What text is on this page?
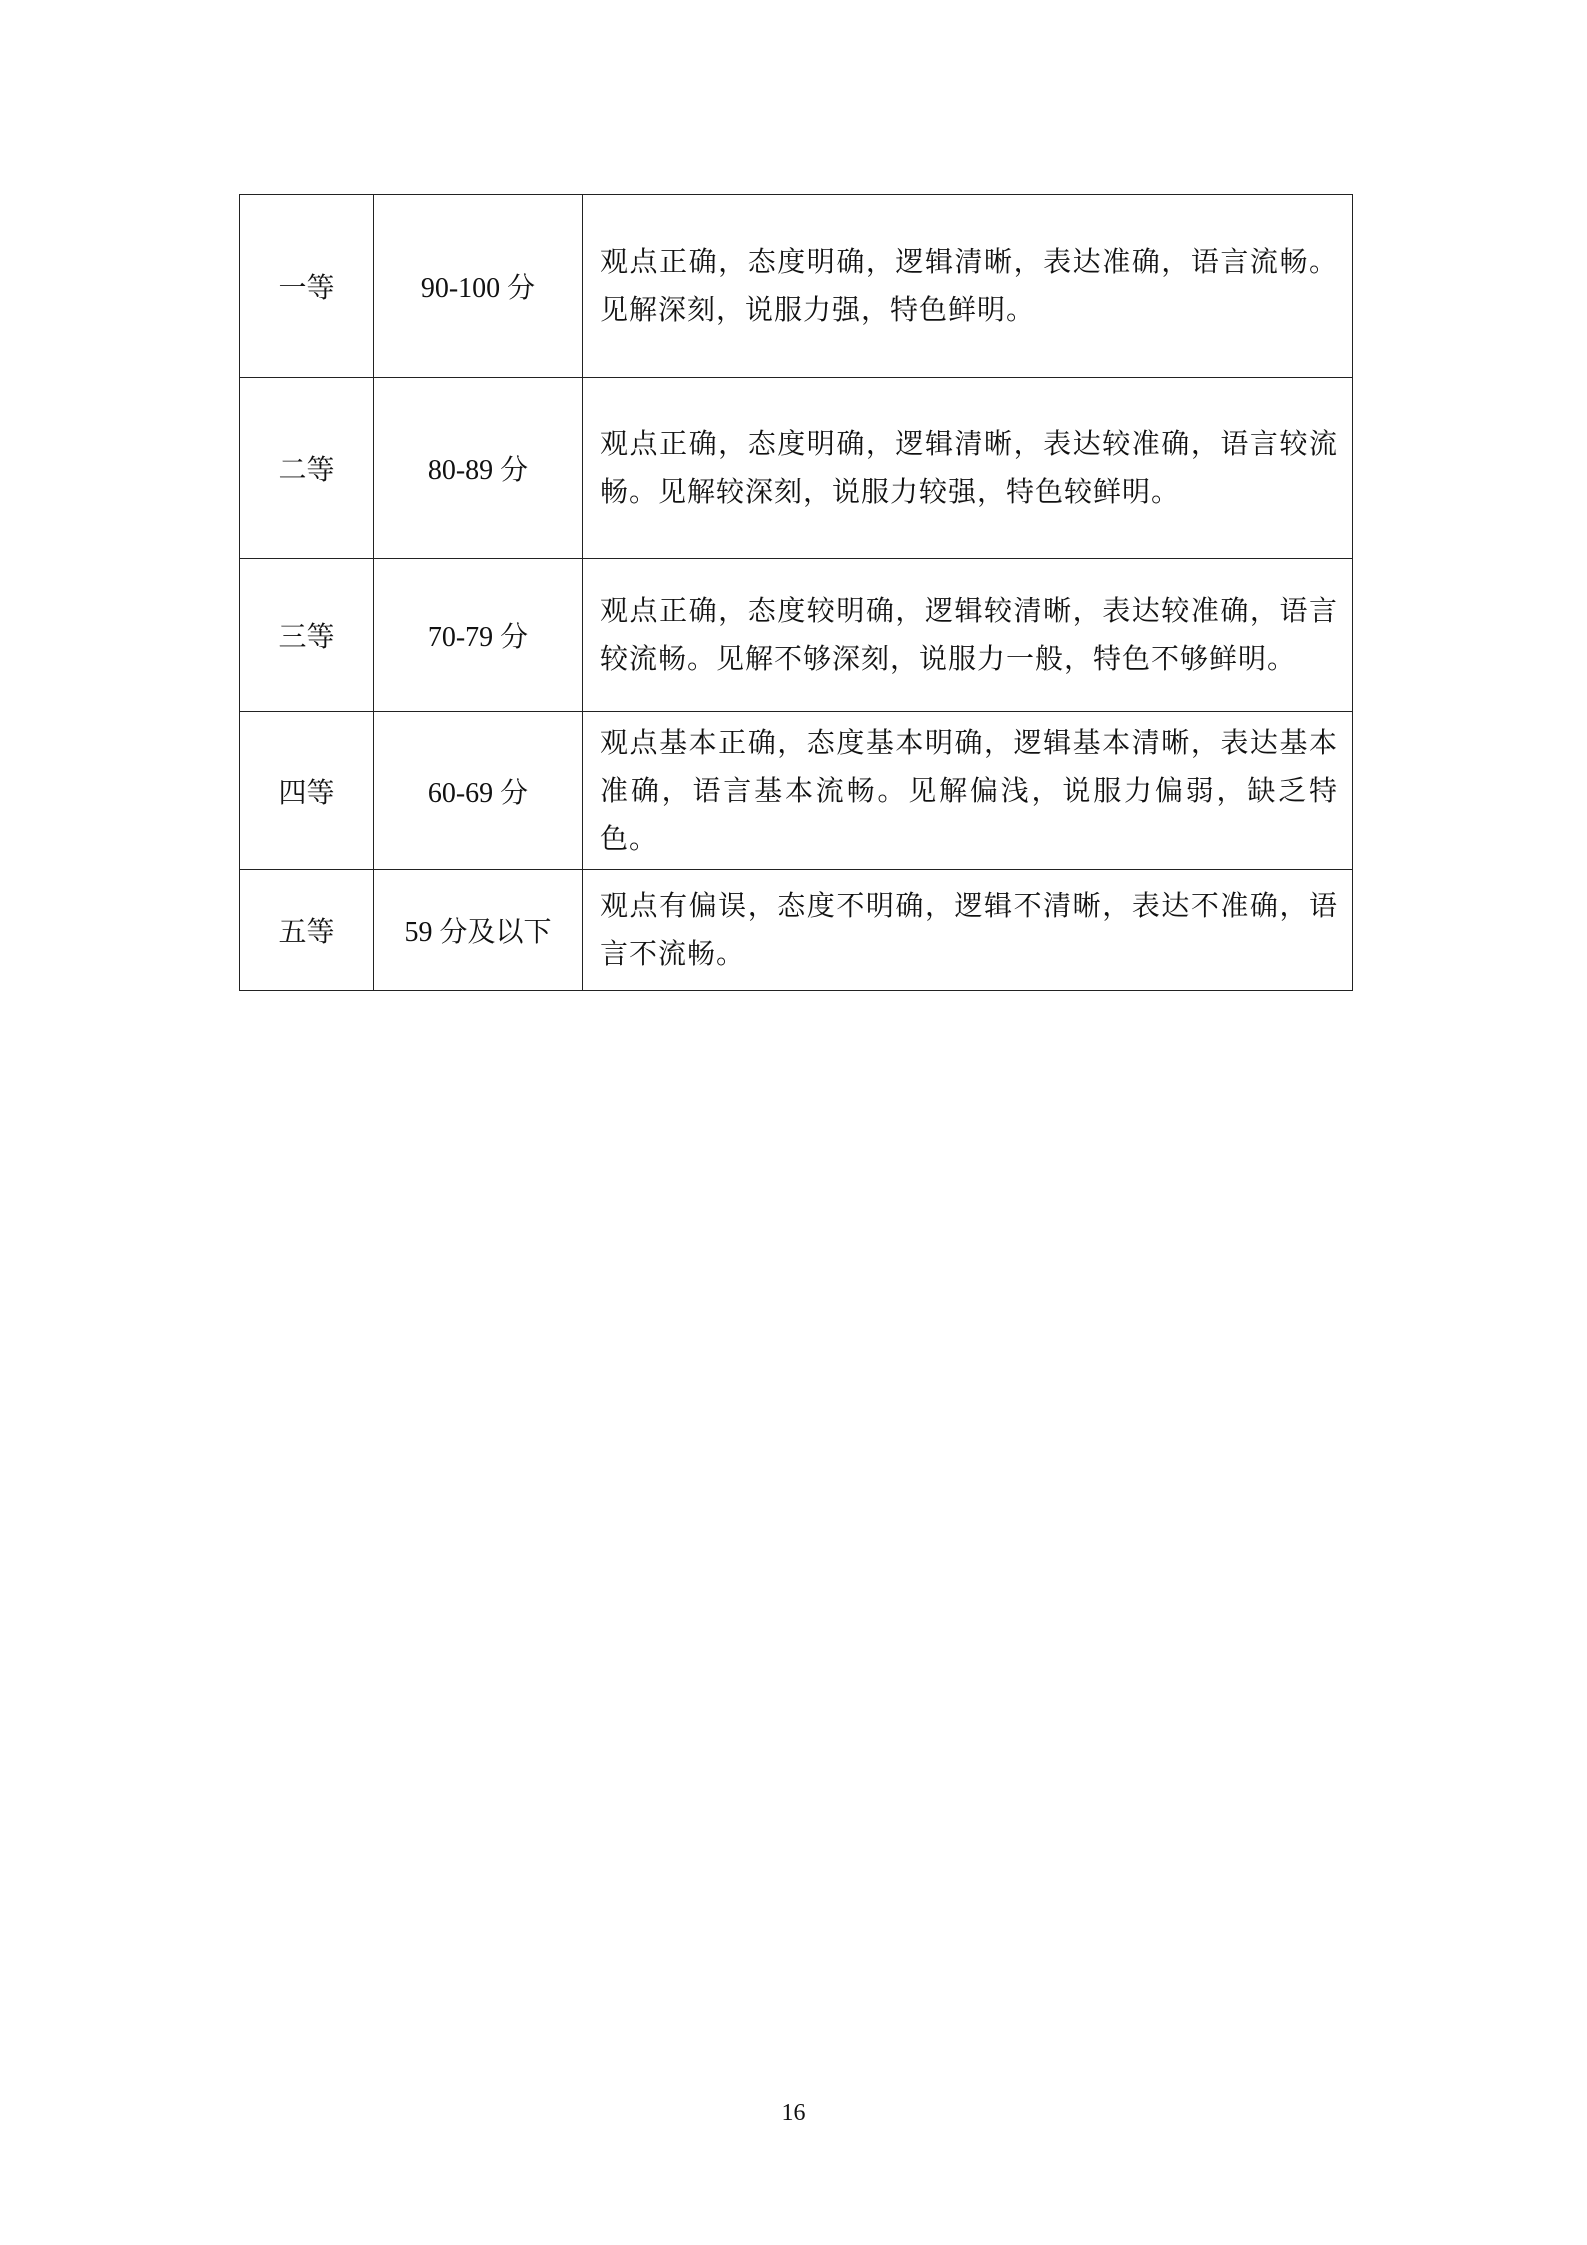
一等	90-100 分	观点正确，态度明确，逻辑清晰，表达准确，语言流畅。见解深刻，说服力强，特色鲜明。
二等	80-89 分	观点正确，态度明确，逻辑清晰，表达较准确，语言较流畅。见解较深刻，说服力较强，特色较鲜明。
三等	70-79 分	观点正确，态度较明确，逻辑较清晰，表达较准确，语言较流畅。见解不够深刻，说服力一般，特色不够鲜明。
四等	60-69 分	观点基本正确，态度基本明确，逻辑基本清晰，表达基本准确，语言基本流畅。见解偏浅，说服力偏弱，缺乏特色。
五等	59 分及以下	观点有偏误，态度不明确，逻辑不清晰，表达不准确，语言不流畅。
16
